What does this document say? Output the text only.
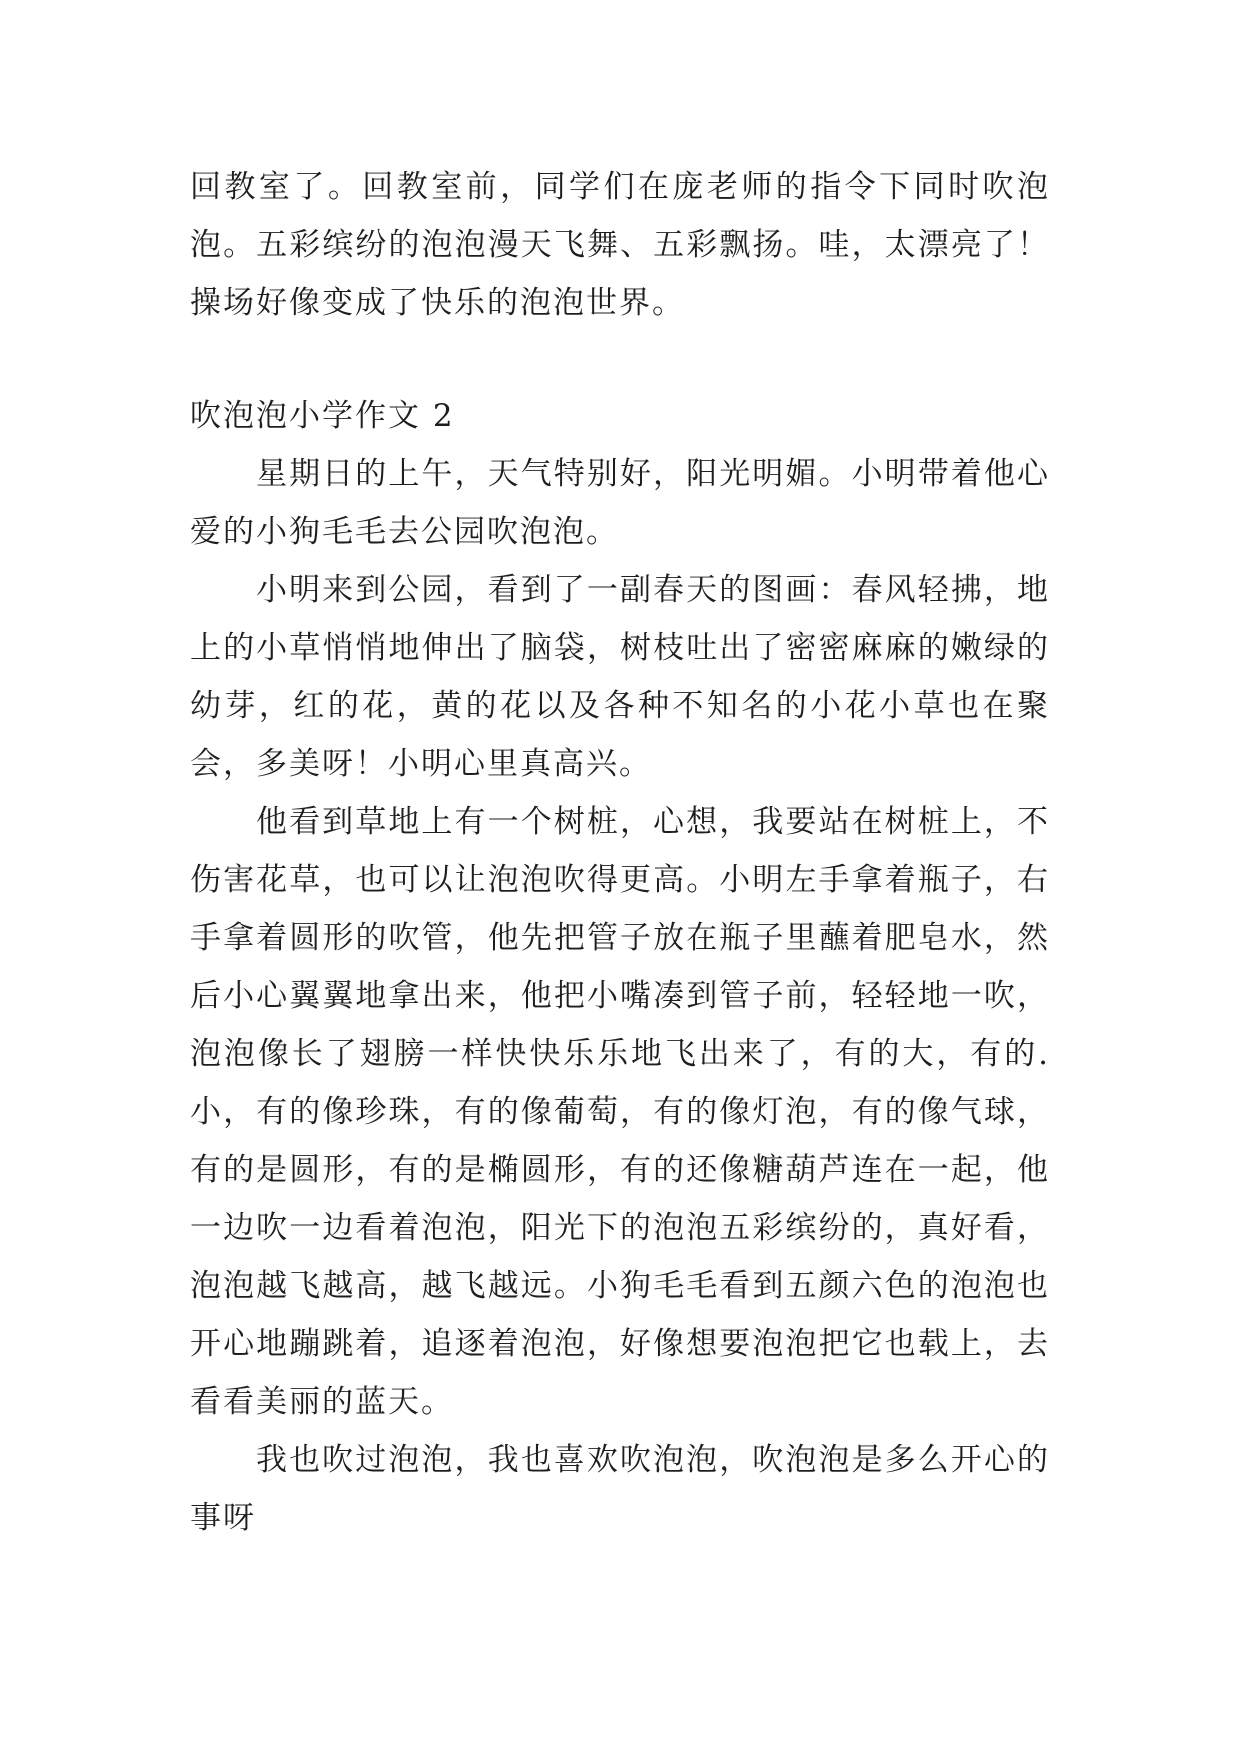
回教室了。回教室前，同学们在庞老师的指令下同时吹泡泡。五彩缤纷的泡泡漫天飞舞、五彩飘扬。哇，太漂亮了！操场好像变成了快乐的泡泡世界。

吹泡泡小学作文 2

星期日的上午，天气特别好，阳光明媚。小明带着他心爱的小狗毛毛去公园吹泡泡。

小明来到公园，看到了一副春天的图画：春风轻拂，地上的小草悄悄地伸出了脑袋，树枝吐出了密密麻麻的嫩绿的幼芽，红的花，黄的花以及各种不知名的小花小草也在聚会，多美呀！小明心里真高兴。

他看到草地上有一个树桩，心想，我要站在树桩上，不伤害花草，也可以让泡泡吹得更高。小明左手拿着瓶子，右手拿着圆形的吹管，他先把管子放在瓶子里蘸着肥皂水，然后小心翼翼地拿出来，他把小嘴凑到管子前，轻轻地一吹，泡泡像长了翅膀一样快快乐乐地飞出来了，有的大，有的.小，有的像珍珠，有的像葡萄，有的像灯泡，有的像气球，有的是圆形，有的是椭圆形，有的还像糖葫芦连在一起，他一边吹一边看着泡泡，阳光下的泡泡五彩缤纷的，真好看，泡泡越飞越高，越飞越远。小狗毛毛看到五颜六色的泡泡也开心地蹦跳着，追逐着泡泡，好像想要泡泡把它也载上，去看看美丽的蓝天。

我也吹过泡泡，我也喜欢吹泡泡，吹泡泡是多么开心的事呀
